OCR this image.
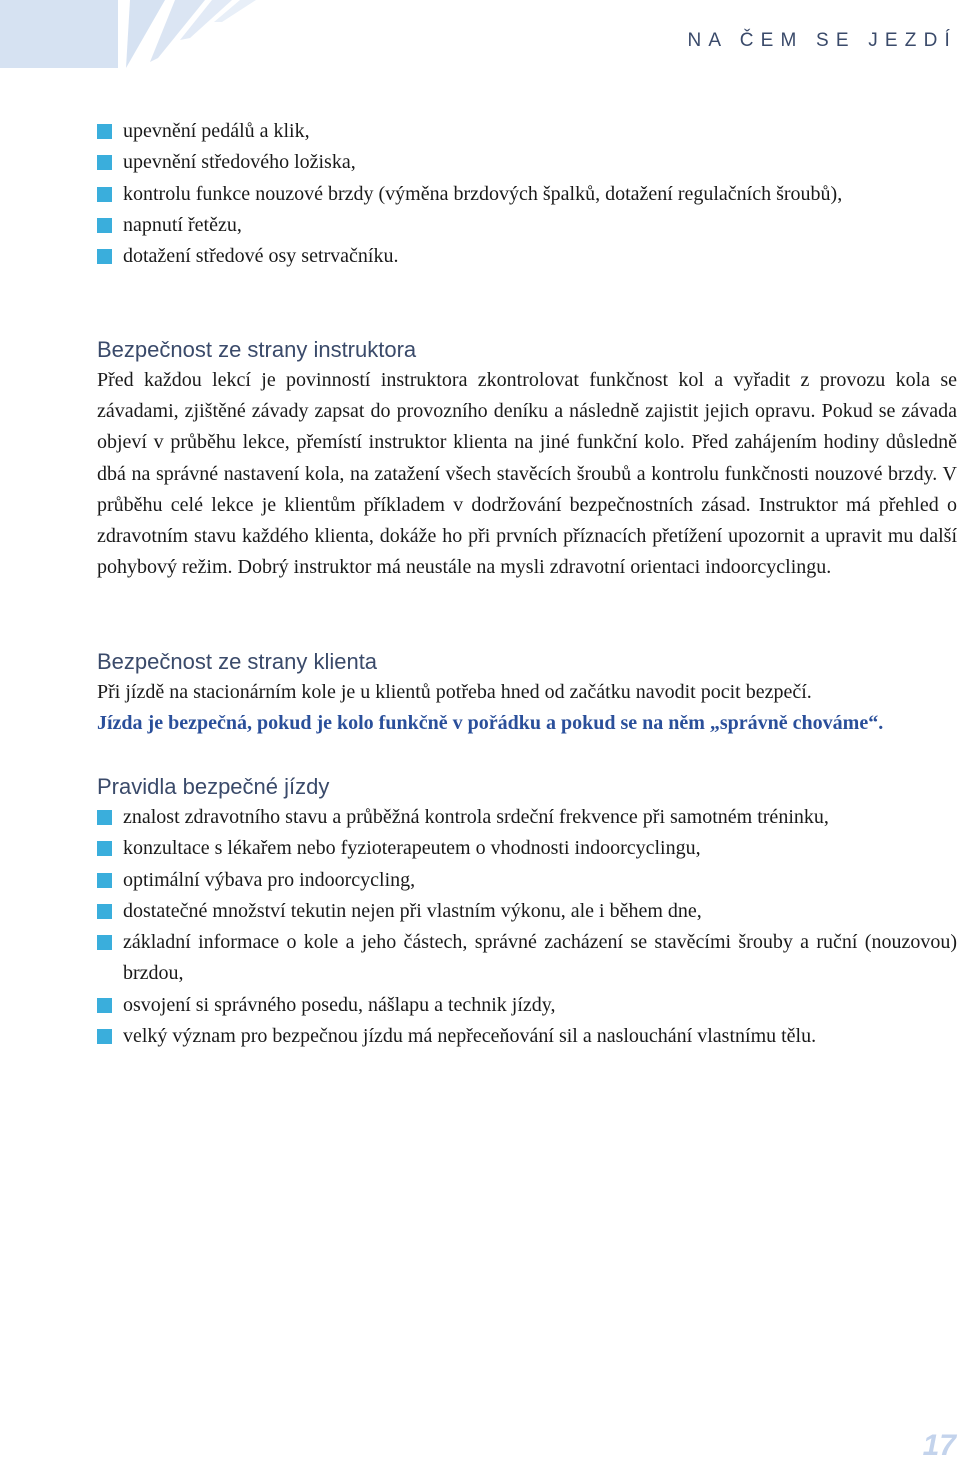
NA ČEM SE JEZDÍ
upevnění pedálů a klik,
upevnění středového ložiska,
kontrolu funkce nouzové brzdy (výměna brzdových špalků, dotažení regulačních šroubů),
napnutí řetězu,
dotažení středové osy setrvačníku.
Bezpečnost ze strany instruktora

Před každou lekcí je povinností instruktora zkontrolovat funkčnost kol a vyřadit z provozu kola se závadami, zjištěné závady zapsat do provozního deníku a následně zajistit jejich opravu. Pokud se závada objeví v průběhu lekce, přemístí instruktor klienta na jiné funkční kolo. Před zahájením hodiny důsledně dbá na správné nastavení kola, na zatažení všech stavěcích šroubů a kontrolu funkčnosti nouzové brzdy. V průběhu celé lekce je klientům příkladem v dodržování bezpečnostních zásad. Instruktor má přehled o zdravotním stavu každého klienta, dokáže ho při prvních příznacích přetížení upozornit a upravit mu další pohybový režim. Dobrý instruktor má neustále na mysli zdravotní orientaci indoorcyclingu.

Bezpečnost ze strany klienta

Při jízdě na stacionárním kole je u klientů potřeba hned od začátku navodit pocit bezpečí.

Jízda je bezpečná, pokud je kolo funkčně v pořádku a pokud se na něm „správně chováme“.

Pravidla bezpečné jízdy
znalost zdravotního stavu a průběžná kontrola srdeční frekvence při samotném tréninku,
konzultace s lékařem nebo fyzioterapeutem o vhodnosti indoorcyclingu,
optimální výbava pro indoorcycling,
dostatečné množství tekutin nejen při vlastním výkonu, ale i během dne,
základní informace o kole a jeho částech, správné zacházení se stavěcími šrouby a ruční (nouzovou) brzdou,
osvojení si správného posedu, nášlapu a technik jízdy,
velký význam pro bezpečnou jízdu má nepřeceňování sil a naslouchání vlastnímu tělu.
17
